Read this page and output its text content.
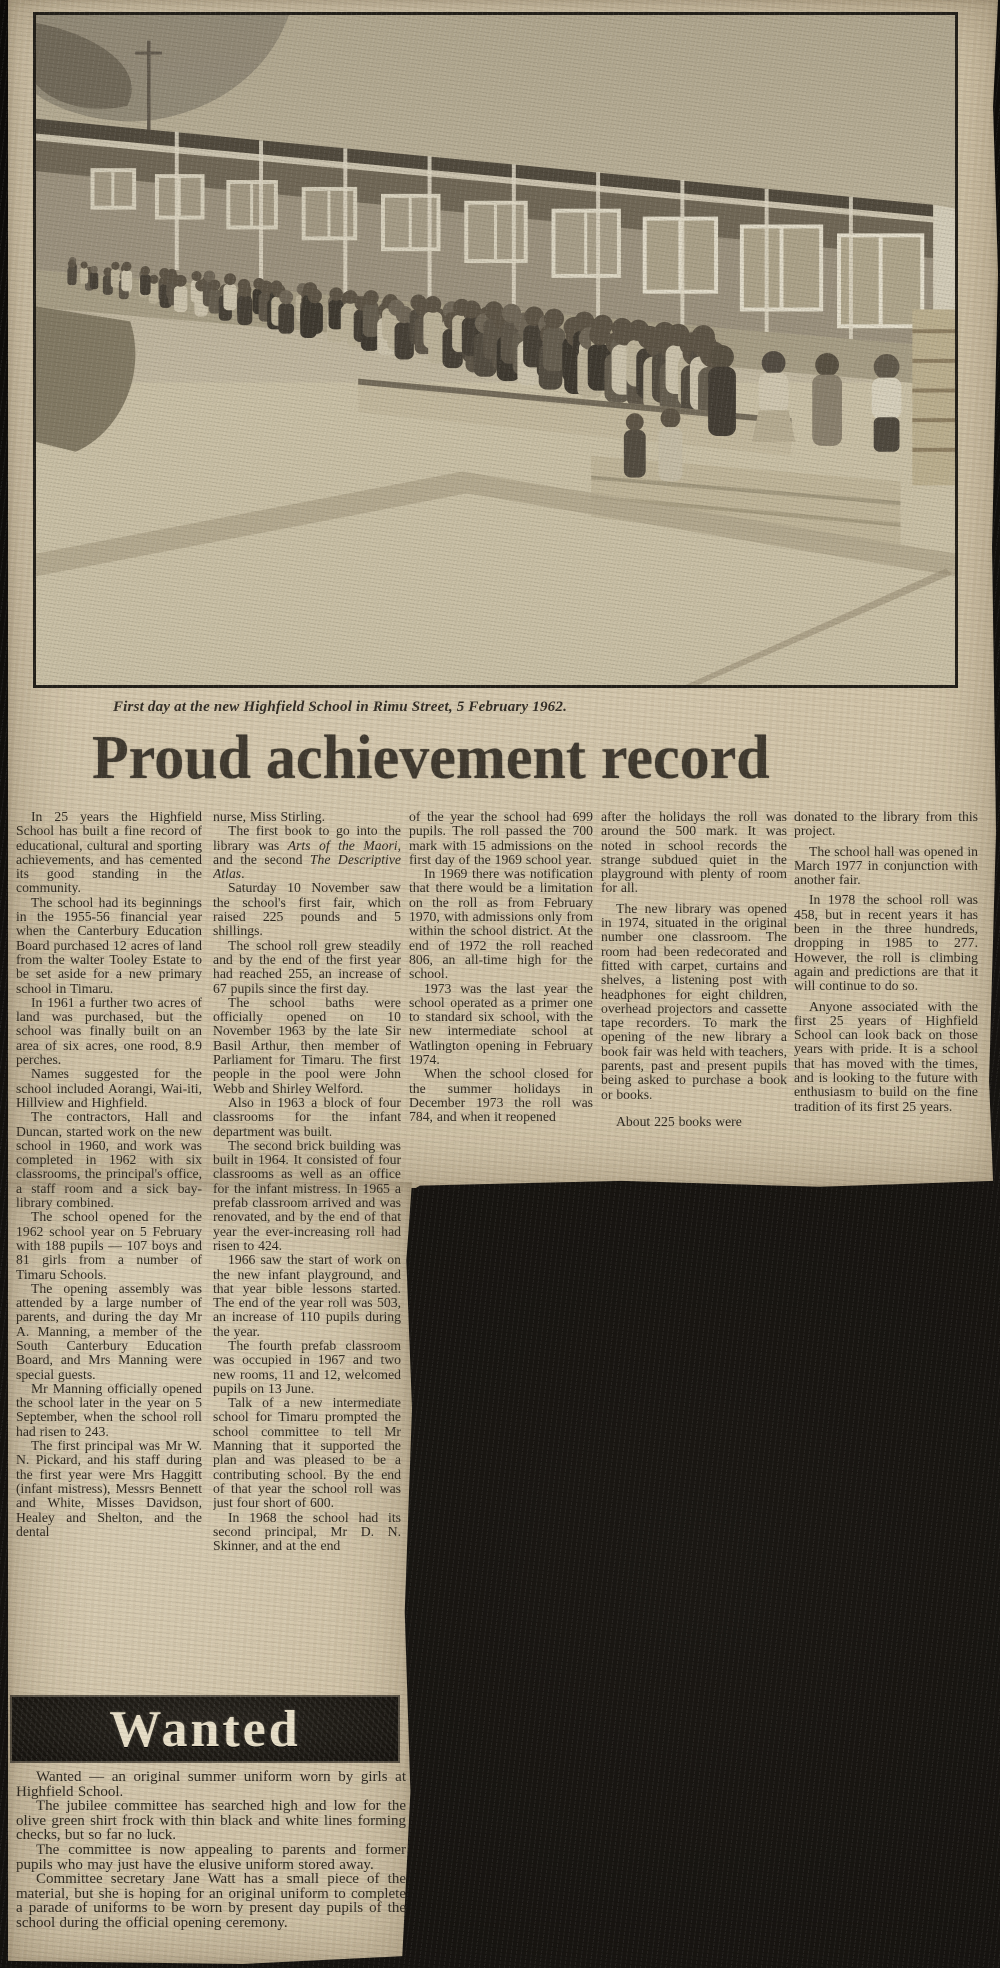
First day at the new Highfield School in Rimu Street, 5 February 1962.
Proud achievement record

In 25 years the Highfield School has built a fine record of educational, cultural and sporting achievements, and has cemented its good standing in the community.

The school had its beginnings in the 1955-56 financial year when the Canterbury Education Board purchased 12 acres of land from the walter Tooley Estate to be set aside for a new primary school in Timaru.

In 1961 a further two acres of land was purchased, but the school was finally built on an area of six acres, one rood, 8.9 perches.

Names suggested for the school included Aorangi, Wai-iti, Hillview and Highfield.

The contractors, Hall and Duncan, started work on the new school in 1960, and work was completed in 1962 with six classrooms, the principal's office, a staff room and a sick bay-library combined.

The school opened for the 1962 school year on 5 February with 188 pupils — 107 boys and 81 girls from a number of Timaru Schools.

The opening assembly was attended by a large number of parents, and during the day Mr A. Manning, a member of the South Canterbury Education Board, and Mrs Manning were special guests.

Mr Manning officially opened the school later in the year on 5 September, when the school roll had risen to 243.

The first principal was Mr W. N. Pickard, and his staff during the first year were Mrs Haggitt (infant mistress), Messrs Bennett and White, Misses Davidson, Healey and Shelton, and the dental

nurse, Miss Stirling.

The first book to go into the library was Arts of the Maori, and the second The Descriptive Atlas.

Saturday 10 November saw the school's first fair, which raised 225 pounds and 5 shillings.

The school roll grew steadily and by the end of the first year had reached 255, an increase of 67 pupils since the first day.

The school baths were officially opened on 10 November 1963 by the late Sir Basil Arthur, then member of Parliament for Timaru. The first people in the pool were John Webb and Shirley Welford.

Also in 1963 a block of four classrooms for the infant department was built.

The second brick building was built in 1964. It consisted of four classrooms as well as an office for the infant mistress. In 1965 a prefab classroom arrived and was renovated, and by the end of that year the ever-increasing roll had risen to 424.

1966 saw the start of work on the new infant playground, and that year bible lessons started. The end of the year roll was 503, an increase of 110 pupils during the year.

The fourth prefab classroom was occupied in 1967 and two new rooms, 11 and 12, welcomed pupils on 13 June.

Talk of a new intermediate school for Timaru prompted the school committee to tell Mr Manning that it supported the plan and was pleased to be a contributing school. By the end of that year the school roll was just four short of 600.

In 1968 the school had its second principal, Mr D. N. Skinner, and at the end

of the year the school had 699 pupils. The roll passed the 700 mark with 15 admissions on the first day of the 1969 school year.

In 1969 there was notification that there would be a limitation on the roll as from February 1970, with admissions only from within the school district. At the end of 1972 the roll reached 806, an all-time high for the school.

1973 was the last year the school operated as a primer one to standard six school, with the new intermediate school at Watlington opening in February 1974.

When the school closed for the summer holidays in December 1973 the roll was 784, and when it reopened

after the holidays the roll was around the 500 mark. It was noted in school records the strange subdued quiet in the playground with plenty of room for all.

The new library was opened in 1974, situated in the original number one classroom. The room had been redecorated and fitted with carpet, curtains and shelves, a listening post with headphones for eight children, overhead projectors and cassette tape recorders. To mark the opening of the new library a book fair was held with teachers, parents, past and present pupils being asked to purchase a book or books.

About 225 books were

donated to the library from this project.

The school hall was opened in March 1977 in conjunction with another fair.

In 1978 the school roll was 458, but in recent years it has been in the three hundreds, dropping in 1985 to 277. However, the roll is climbing again and predictions are that it will continue to do so.

Anyone associated with the first 25 years of Highfield School can look back on those years with pride. It is a school that has moved with the times, and is looking to the future with enthusiasm to build on the fine tradition of its first 25 years.

Wanted

Wanted — an original summer uniform worn by girls at Highfield School.

The jubilee committee has searched high and low for the olive green shirt frock with thin black and white lines forming checks, but so far no luck.

The committee is now appealing to parents and former pupils who may just have the elusive uniform stored away.

Committee secretary Jane Watt has a small piece of the material, but she is hoping for an original uniform to complete a parade of uniforms to be worn by present day pupils of the school during the official opening ceremony.
